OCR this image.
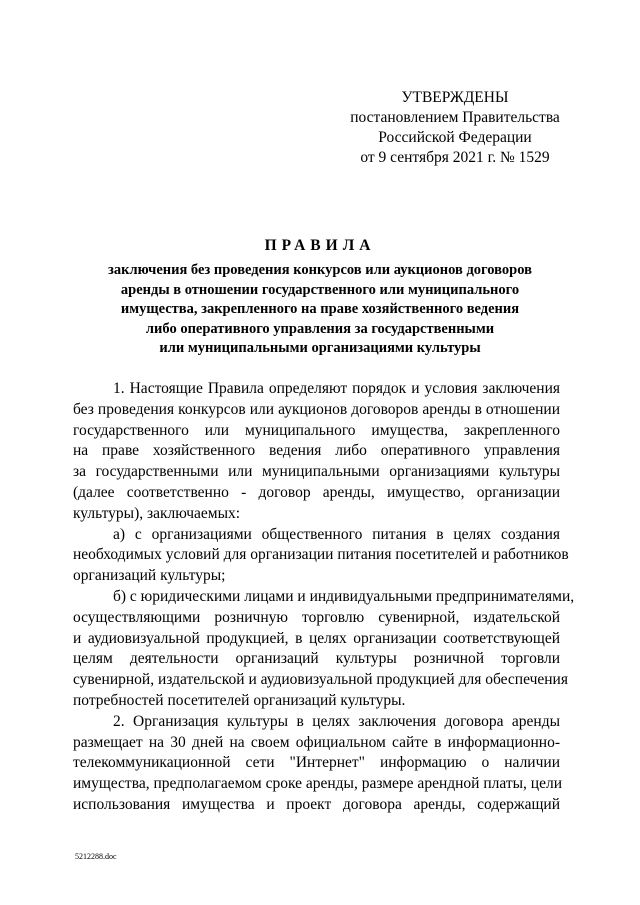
УТВЕРЖДЕНЫ
постановлением Правительства
Российской Федерации
от 9 сентября 2021 г. № 1529
ПРАВИЛА
заключения без проведения конкурсов или аукционов договоров
аренды в отношении государственного или муниципального
имущества, закрепленного на праве хозяйственного ведения
либо оперативного управления за государственными
или муниципальными организациями культуры
1. Настоящие Правила определяют порядок и условия заключения
без проведения конкурсов или аукционов договоров аренды в отношении
государственного или муниципального имущества, закрепленного
на праве хозяйственного ведения либо оперативного управления
за государственными или муниципальными организациями культуры
(далее соответственно - договор аренды, имущество, организации
культуры), заключаемых:
а) с организациями общественного питания в целях создания
необходимых условий для организации питания посетителей и работников
организаций культуры;
б) с юридическими лицами и индивидуальными предпринимателями,
осуществляющими розничную торговлю сувенирной, издательской
и аудиовизуальной продукцией, в целях организации соответствующей
целям деятельности организаций культуры розничной торговли
сувенирной, издательской и аудиовизуальной продукцией для обеспечения
потребностей посетителей организаций культуры.
2. Организация культуры в целях заключения договора аренды
размещает на 30 дней на своем официальном сайте в информационно-
телекоммуникационной сети "Интернет" информацию о наличии
имущества, предполагаемом сроке аренды, размере арендной платы, цели
использования имущества и проект договора аренды, содержащий
5212288.doc
